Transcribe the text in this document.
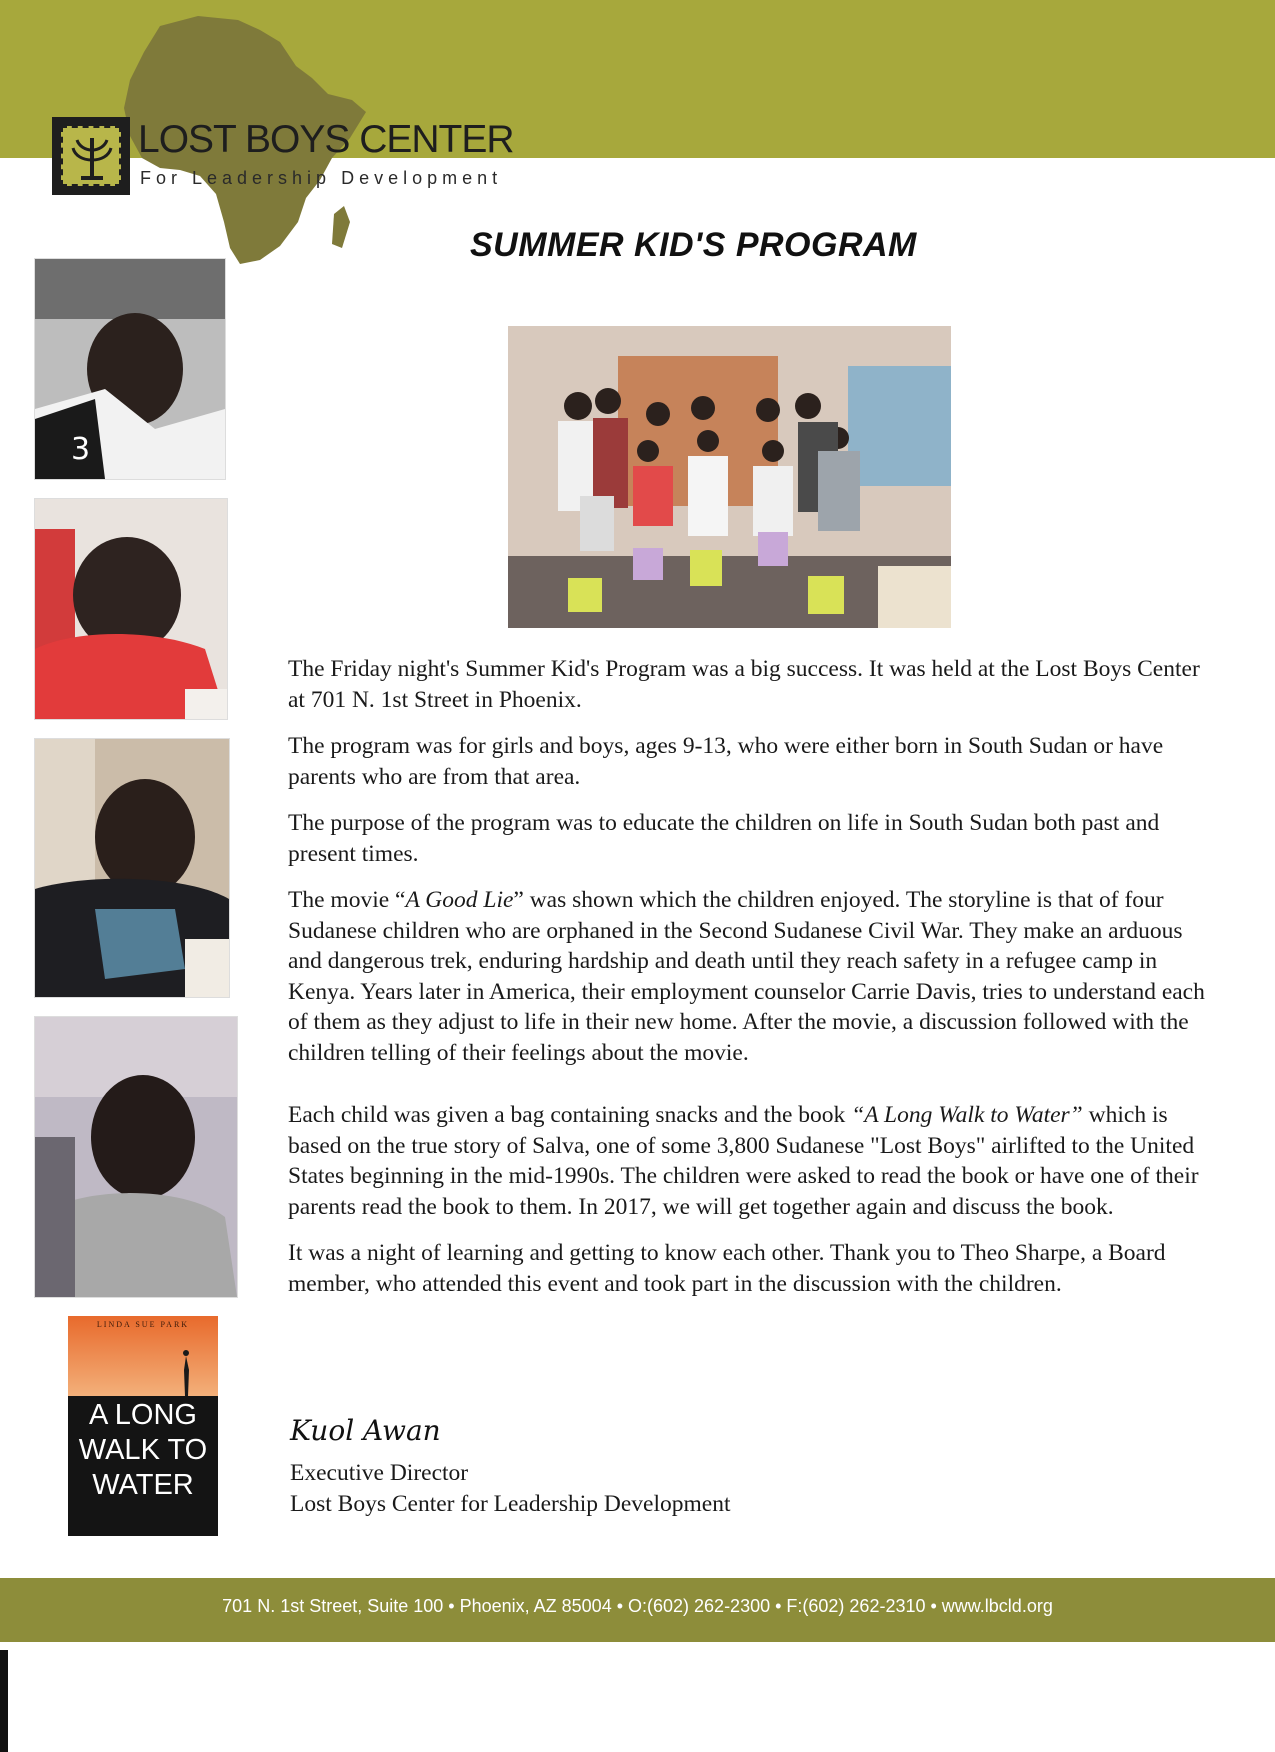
LOST BOYS CENTER
For Leadership Development
SUMMER KID'S PROGRAM
3
LINDA SUE PARK
A LONG
WALK TO
WATER

The Friday night's Summer Kid's Program was a big success. It was held at the Lost Boys Center at 701 N. 1st Street in Phoenix.

The program was for girls and boys, ages 9-13, who were either born in South Sudan or have parents who are from that area.

The purpose of the program was to educate the children on life in South Sudan both past and present times.

The movie “A Good Lie” was shown which the children enjoyed. The storyline is that of four Sudanese children who are orphaned in the Second Sudanese Civil War. They make an arduous and dangerous trek, enduring hardship and death until they reach safety in a refugee camp in Kenya. Years later in America, their employment counselor Carrie Davis, tries to understand each of them as they adjust to life in their new home. After the movie, a discussion followed with the children telling of their feelings about the movie.

Each child was given a bag containing snacks and the book “A Long Walk to Water” which is based on the true story of Salva, one of some 3,800 Sudanese "Lost Boys" airlifted to the United States beginning in the mid-1990s. The children were asked to read the book or have one of their parents read the book to them. In 2017, we will get together again and discuss the book.

It was a night of learning and getting to know each other. Thank you to Theo Sharpe, a Board member, who attended this event and took part in the discussion with the children.

Kuol Awan
Executive Director
Lost Boys Center for Leadership Development
701 N. 1st Street, Suite 100 • Phoenix, AZ 85004 • O:(602) 262-2300 • F:(602) 262-2310 • www.lbcld.org
